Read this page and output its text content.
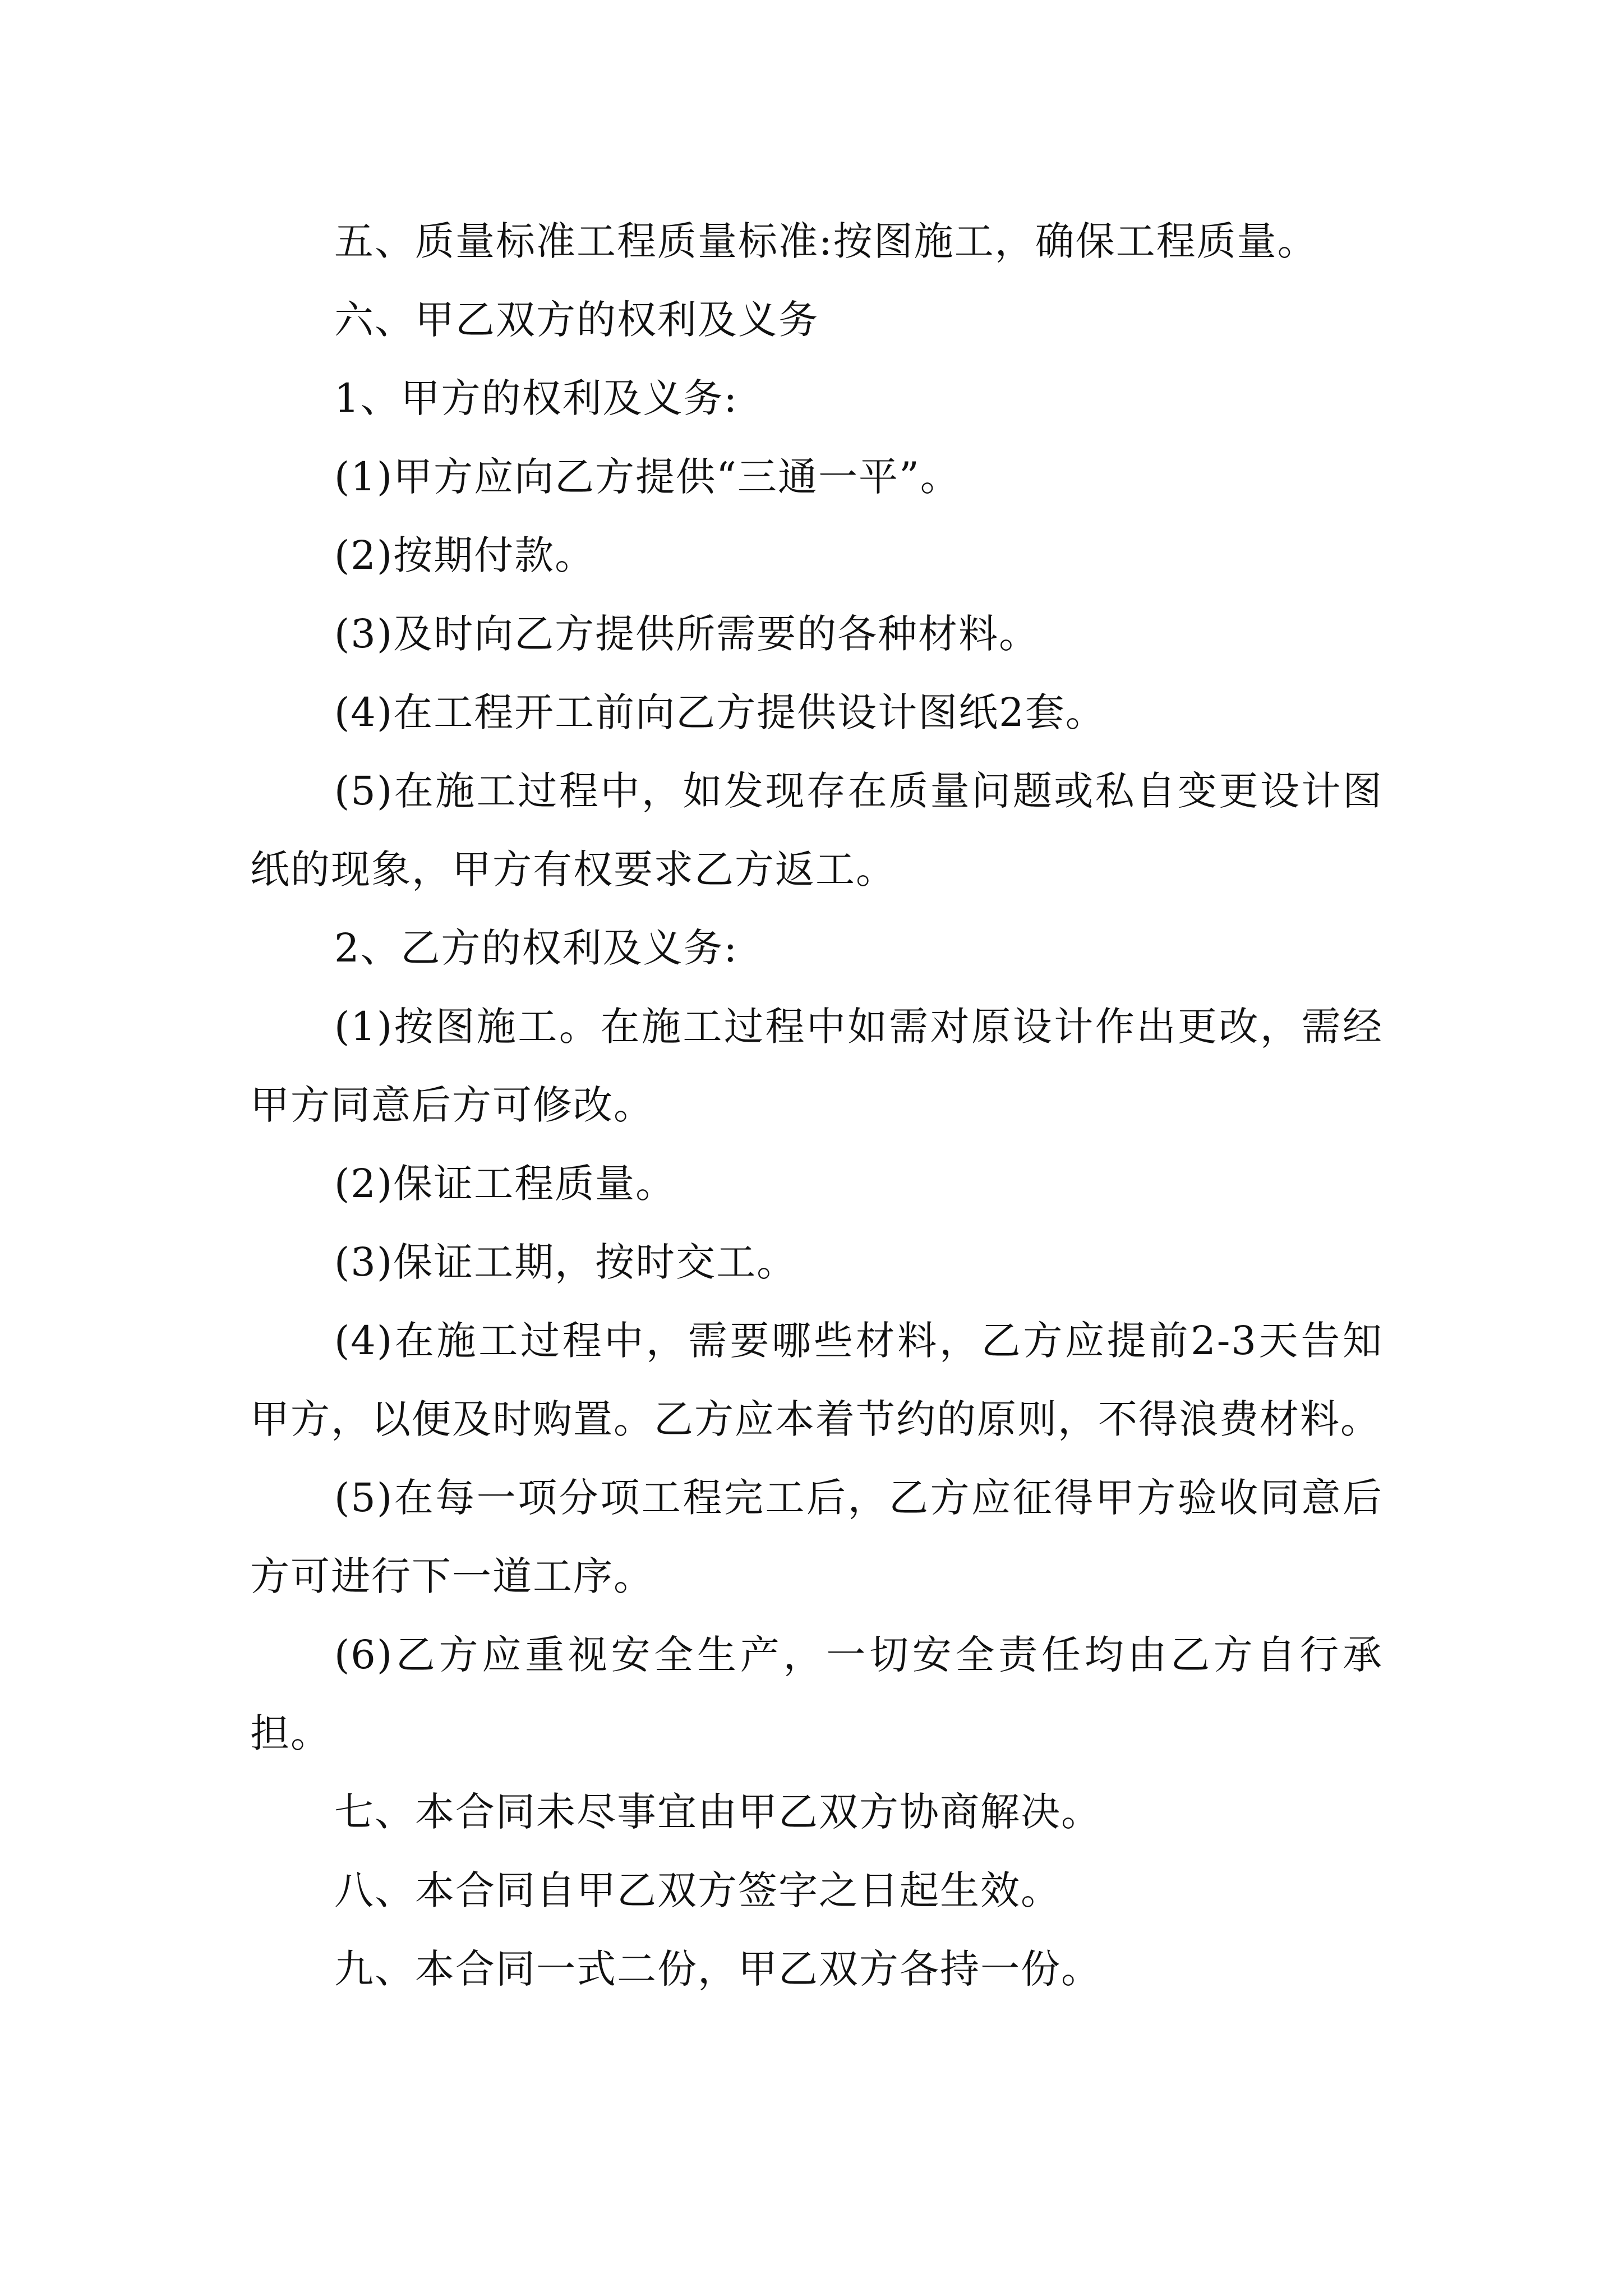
五、质量标准工程质量标准:按图施工，确保工程质量。

六、甲乙双方的权利及义务

1、甲方的权利及义务:

(1)甲方应向乙方提供“三通一平”。

(2)按期付款。

(3)及时向乙方提供所需要的各种材料。

(4)在工程开工前向乙方提供设计图纸2套。

(5)在施工过程中，如发现存在质量问题或私自变更设计图纸的现象，甲方有权要求乙方返工。

2、乙方的权利及义务:

(1)按图施工。在施工过程中如需对原设计作出更改，需经甲方同意后方可修改。

(2)保证工程质量。

(3)保证工期，按时交工。

(4)在施工过程中，需要哪些材料，乙方应提前2-3天告知甲方，以便及时购置。乙方应本着节约的原则，不得浪费材料。

(5)在每一项分项工程完工后，乙方应征得甲方验收同意后方可进行下一道工序。

(6)乙方应重视安全生产，一切安全责任均由乙方自行承担。

七、本合同未尽事宜由甲乙双方协商解决。

八、本合同自甲乙双方签字之日起生效。

九、本合同一式二份，甲乙双方各持一份。
